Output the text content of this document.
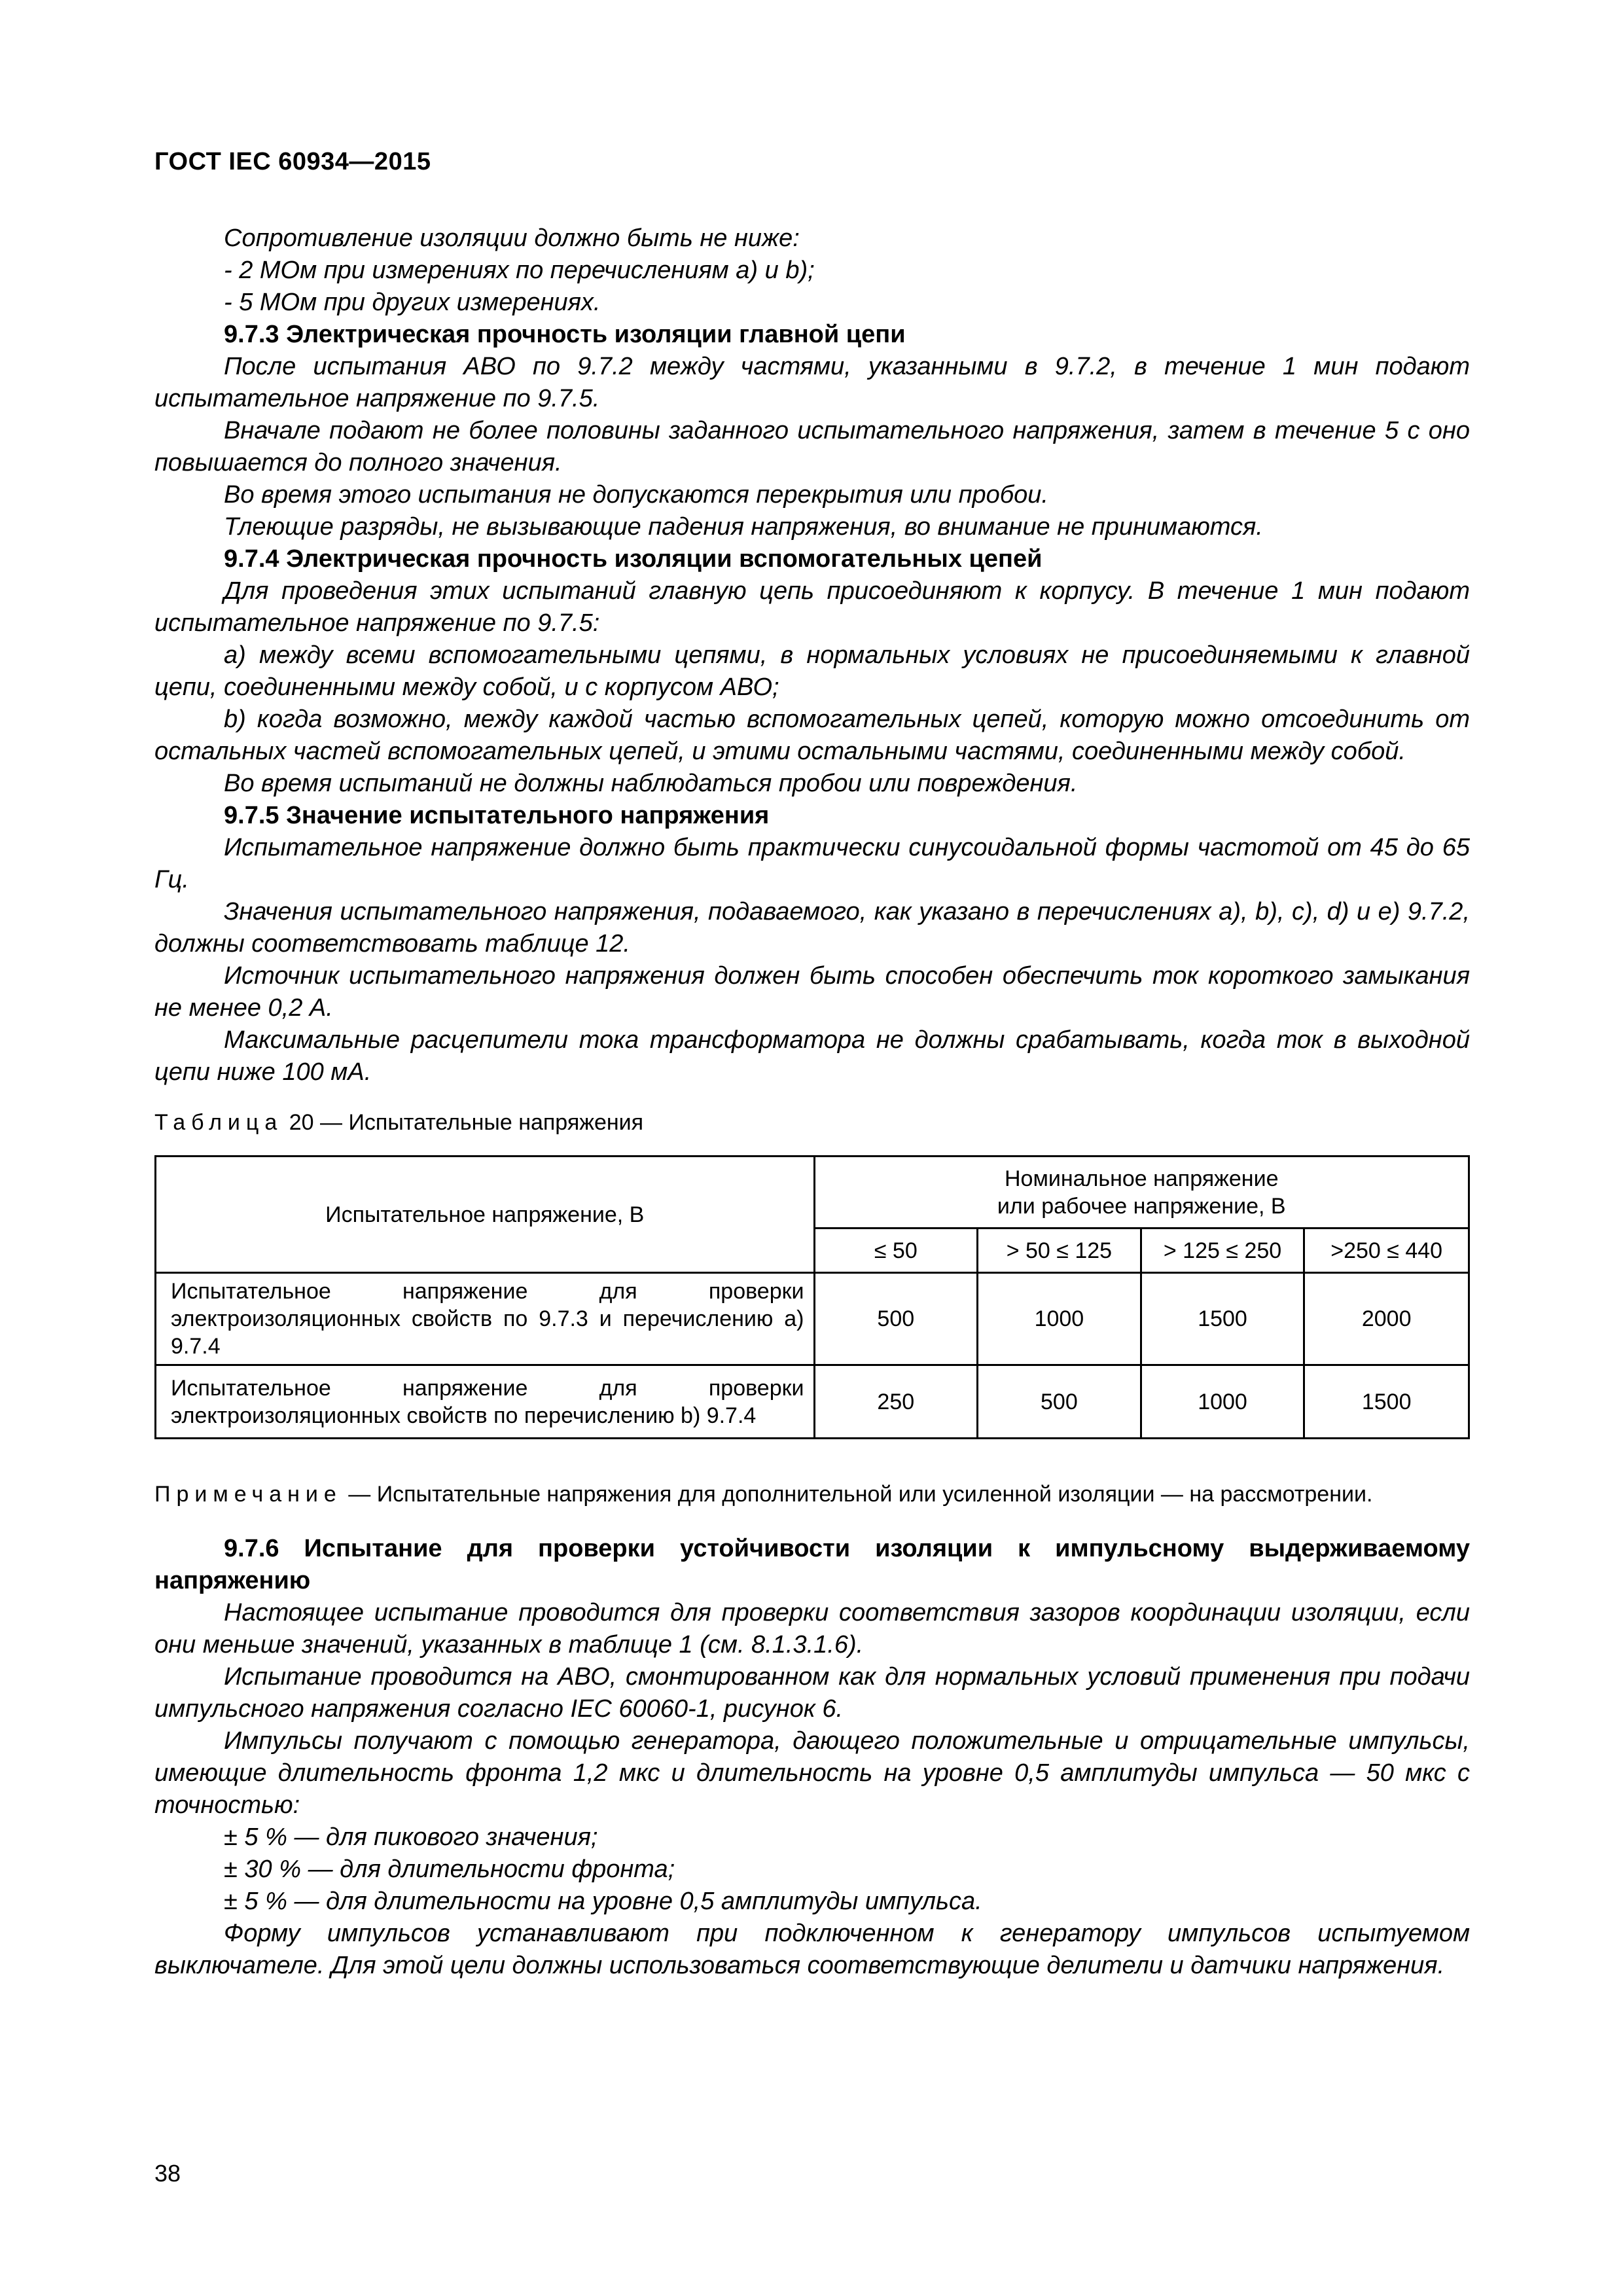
ГОСТ IEC 60934—2015

Сопротивление изоляции должно быть не ниже:

- 2 МОм при измерениях по перечислениям а) и b);

- 5 МОм при других измерениях.

9.7.3 Электрическая прочность изоляции главной цепи

После испытания АВО по 9.7.2 между частями, указанными в 9.7.2, в течение 1 мин подают испытательное напряжение по 9.7.5.

Вначале подают не более половины заданного испытательного напряжения, затем в течение 5 с оно повышается до полного значения.

Во время этого испытания не допускаются перекрытия или пробои.

Тлеющие разряды, не вызывающие падения напряжения, во внимание не принимаются.

9.7.4 Электрическая прочность изоляции вспомогательных цепей

Для проведения этих испытаний главную цепь присоединяют к корпусу. В течение 1 мин подают испытательное напряжение по 9.7.5:

a) между всеми вспомогательными цепями, в нормальных условиях не присоединяемыми к главной цепи, соединенными между собой, и с корпусом АВО;

b) когда возможно, между каждой частью вспомогательных цепей, которую можно отсоединить от остальных частей вспомогательных цепей, и этими остальными частями, соединенными между собой.

Во время испытаний не должны наблюдаться пробои или повреждения.

9.7.5 Значение испытательного напряжения

Испытательное напряжение должно быть практически синусоидальной формы частотой от 45 до 65 Гц.

Значения испытательного напряжения, подаваемого, как указано в перечислениях а), b), c), d) и e) 9.7.2, должны соответствовать таблице 12.

Источник испытательного напряжения должен быть способен обеспечить ток короткого замыкания не менее 0,2 А.

Максимальные расцепители тока трансформатора не должны срабатывать, когда ток в выходной цепи ниже 100 мА.

Таблица 20 — Испытательные напряжения
Испытательное напряжение, В	Номинальное напряжение
или рабочее напряжение, В			
	≤ 50	> 50 ≤ 125	> 125 ≤ 250	>250 ≤ 440
Испытательное напряжение для проверки электроизоляционных свойств по 9.7.3 и перечислению а) 9.7.4	500	1000	1500	2000
Испытательное напряжение для проверки электроизоляционных свойств по перечислению b) 9.7.4	250	500	1000	1500
Примечание — Испытательные напряжения для дополнительной или усиленной изоляции — на рассмотрении.
9.7.6 Испытание для проверки устойчивости изоляции к импульсному выдерживаемому напряжению

Настоящее испытание проводится для проверки соответствия зазоров координации изоляции, если они меньше значений, указанных в таблице 1 (см. 8.1.3.1.6).

Испытание проводится на АВО, смонтированном как для нормальных условий применения при подачи импульсного напряжения согласно IEC 60060-1, рисунок 6.

Импульсы получают с помощью генератора, дающего положительные и отрицательные импульсы, имеющие длительность фронта 1,2 мкс и длительность на уровне 0,5 амплитуды импульса — 50 мкс с точностью:

± 5 % — для пикового значения;

± 30 % — для длительности фронта;

± 5 % — для длительности на уровне 0,5 амплитуды импульса.

Форму импульсов устанавливают при подключенном к генератору импульсов испытуемом выключателе. Для этой цели должны использоваться соответствующие делители и датчики напряжения.

38
